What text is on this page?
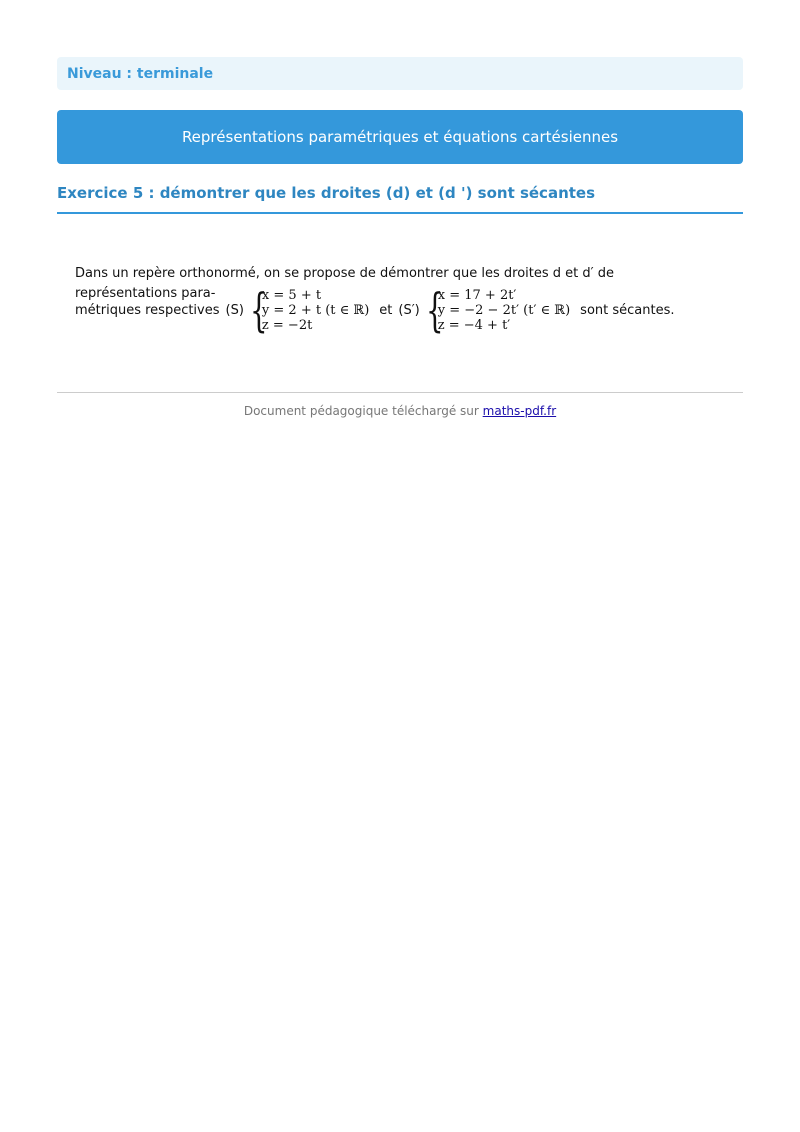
Niveau : terminale
Représentations paramétriques et équations cartésiennes
Exercice 5 : démontrer que les droites (d) et (d ') sont sécantes
Dans un repère orthonormé, on se propose de démontrer que les droites d et d′ de représentations para-
métriques respectives (S) {
x = 5 + t
y = 2 + t (t ∈ ℝ)
z = −2t
et (S′) {
x = 17 + 2t′
y = −2 − 2t′ (t′ ∈ ℝ)
z = −4 + t′
sont sécantes.
Document pédagogique téléchargé sur maths-pdf.fr
